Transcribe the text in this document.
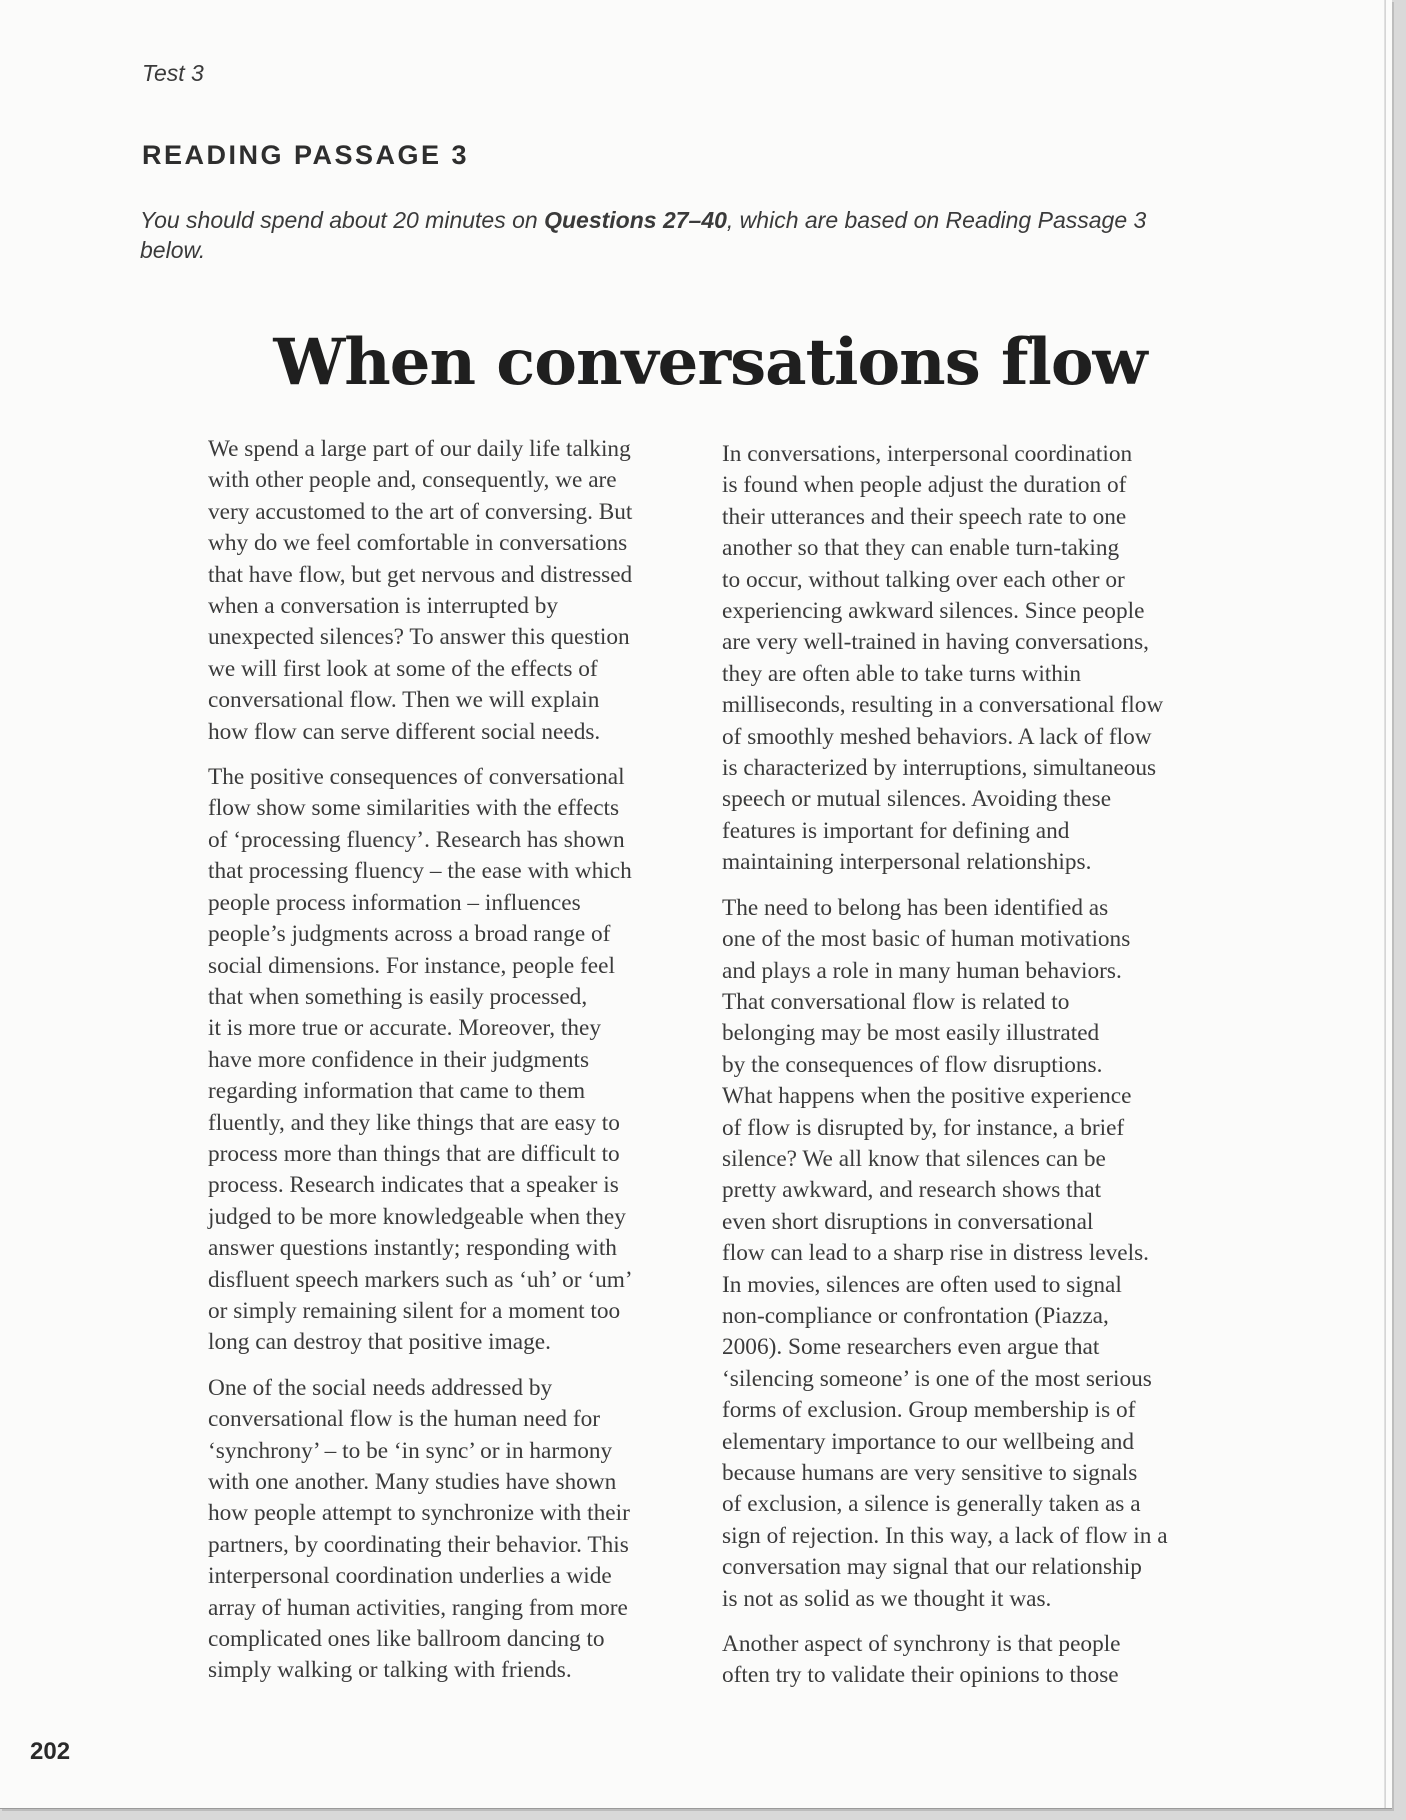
Test 3
READING PASSAGE 3
You should spend about 20 minutes on Questions 27–40, which are based on Reading Passage 3 below.
When conversations flow

We spend a large part of our daily life talking
with other people and, consequently, we are
very accustomed to the art of conversing. But
why do we feel comfortable in conversations
that have flow, but get nervous and distressed
when a conversation is interrupted by
unexpected silences? To answer this question
we will first look at some of the effects of
conversational flow. Then we will explain
how flow can serve different social needs.

The positive consequences of conversational
flow show some similarities with the effects
of ‘processing fluency’. Research has shown
that processing fluency – the ease with which
people process information – influences
people’s judgments across a broad range of
social dimensions. For instance, people feel
that when something is easily processed,
it is more true or accurate. Moreover, they
have more confidence in their judgments
regarding information that came to them
fluently, and they like things that are easy to
process more than things that are difficult to
process. Research indicates that a speaker is
judged to be more knowledgeable when they
answer questions instantly; responding with
disfluent speech markers such as ‘uh’ or ‘um’
or simply remaining silent for a moment too
long can destroy that positive image.

One of the social needs addressed by
conversational flow is the human need for
‘synchrony’ – to be ‘in sync’ or in harmony
with one another. Many studies have shown
how people attempt to synchronize with their
partners, by coordinating their behavior. This
interpersonal coordination underlies a wide
array of human activities, ranging from more
complicated ones like ballroom dancing to
simply walking or talking with friends.

In conversations, interpersonal coordination
is found when people adjust the duration of
their utterances and their speech rate to one
another so that they can enable turn-taking
to occur, without talking over each other or
experiencing awkward silences. Since people
are very well-trained in having conversations,
they are often able to take turns within
milliseconds, resulting in a conversational flow
of smoothly meshed behaviors. A lack of flow
is characterized by interruptions, simultaneous
speech or mutual silences. Avoiding these
features is important for defining and
maintaining interpersonal relationships.

The need to belong has been identified as
one of the most basic of human motivations
and plays a role in many human behaviors.
That conversational flow is related to
belonging may be most easily illustrated
by the consequences of flow disruptions.
What happens when the positive experience
of flow is disrupted by, for instance, a brief
silence? We all know that silences can be
pretty awkward, and research shows that
even short disruptions in conversational
flow can lead to a sharp rise in distress levels.
In movies, silences are often used to signal
non-compliance or confrontation (Piazza,
2006). Some researchers even argue that
‘silencing someone’ is one of the most serious
forms of exclusion. Group membership is of
elementary importance to our wellbeing and
because humans are very sensitive to signals
of exclusion, a silence is generally taken as a
sign of rejection. In this way, a lack of flow in a
conversation may signal that our relationship
is not as solid as we thought it was.

Another aspect of synchrony is that people
often try to validate their opinions to those

202
